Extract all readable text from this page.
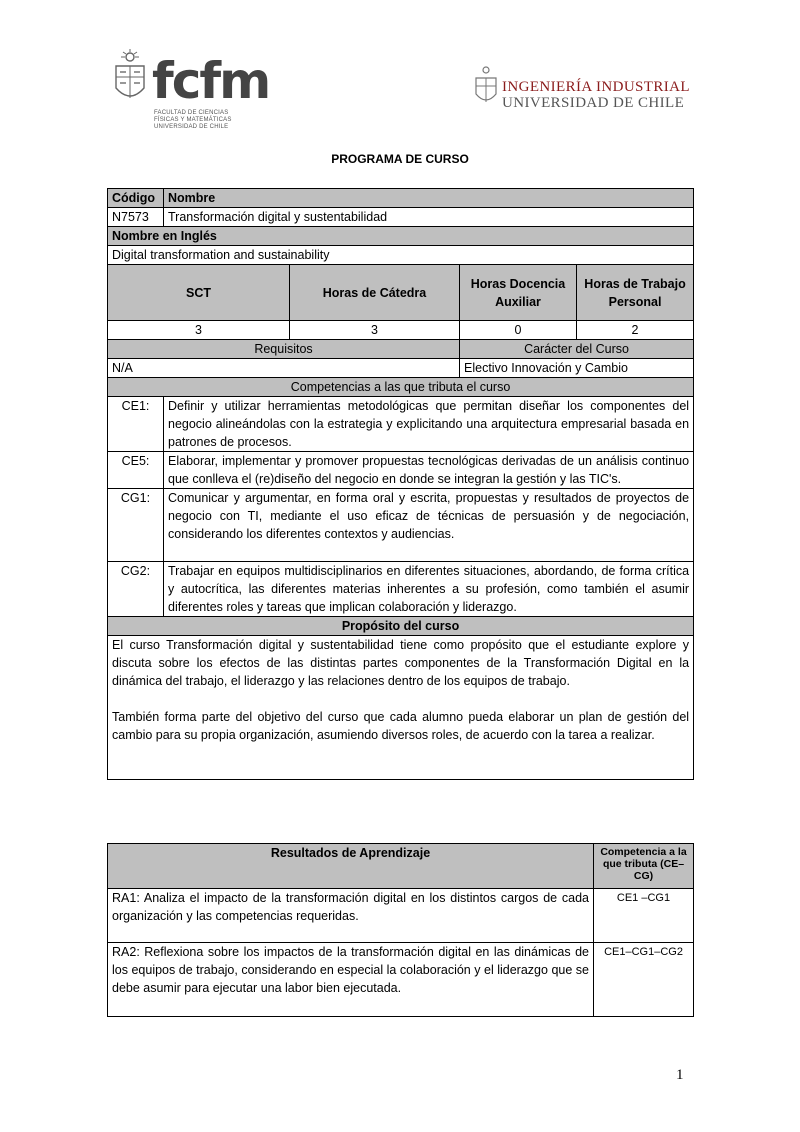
fcfm
FACULTAD DE CIENCIAS
FÍSICAS Y MATEMÁTICAS
UNIVERSIDAD DE CHILE
INGENIERÍA INDUSTRIAL
UNIVERSIDAD DE CHILE
PROGRAMA DE CURSO
Código	Nombre			
N7573	Transformación digital y sustentabilidad			
Nombre en Inglés				
Digital transformation and sustainability				
SCT		Horas de Cátedra	Horas Docencia Auxiliar	Horas de Trabajo Personal
3		3	0	2
Requisitos			Carácter del Curso	
N/A			Electivo Innovación y Cambio	
Competencias a las que tributa el curso				
CE1:	Definir y utilizar herramientas metodológicas que permitan diseñar los componentes del negocio alineándolas con la estrategia y explicitando una arquitectura empresarial basada en patrones de procesos.			
CE5:	Elaborar, implementar y promover propuestas tecnológicas derivadas de un análisis continuo que conlleva el (re)diseño del negocio en donde se integran la gestión y las TIC's.			
CG1:	Comunicar y argumentar, en forma oral y escrita, propuestas y resultados de proyectos de negocio con TI, mediante el uso eficaz de técnicas de persuasión y de negociación, considerando los diferentes contextos y audiencias.			
CG2:	Trabajar en equipos multidisciplinarios en diferentes situaciones, abordando, de forma crítica y autocrítica, las diferentes materias inherentes a su profesión, como también el asumir diferentes roles y tareas que implican colaboración y liderazgo.			
Propósito del curso				

El curso Transformación digital y sustentabilidad tiene como propósito que el estudiante explore y discuta sobre los efectos de las distintas partes componentes de la Transformación Digital en la dinámica del trabajo, el liderazgo y las relaciones dentro de los equipos de trabajo.
También forma parte del objetivo del curso que cada alumno pueda elaborar un plan de gestión del cambio para su propia organización, asumiendo diversos roles, de acuerdo con la tarea a realizar.				
Resultados de Aprendizaje	Competencia a la que tributa (CE–CG)
RA1: Analiza el impacto de la transformación digital en los distintos cargos de cada organización y las competencias requeridas.	CE1 –CG1
RA2: Reflexiona sobre los impactos de la transformación digital en las dinámicas de los equipos de trabajo, considerando en especial la colaboración y el liderazgo que se debe asumir para ejecutar una labor bien ejecutada.	CE1–CG1–CG2
1
